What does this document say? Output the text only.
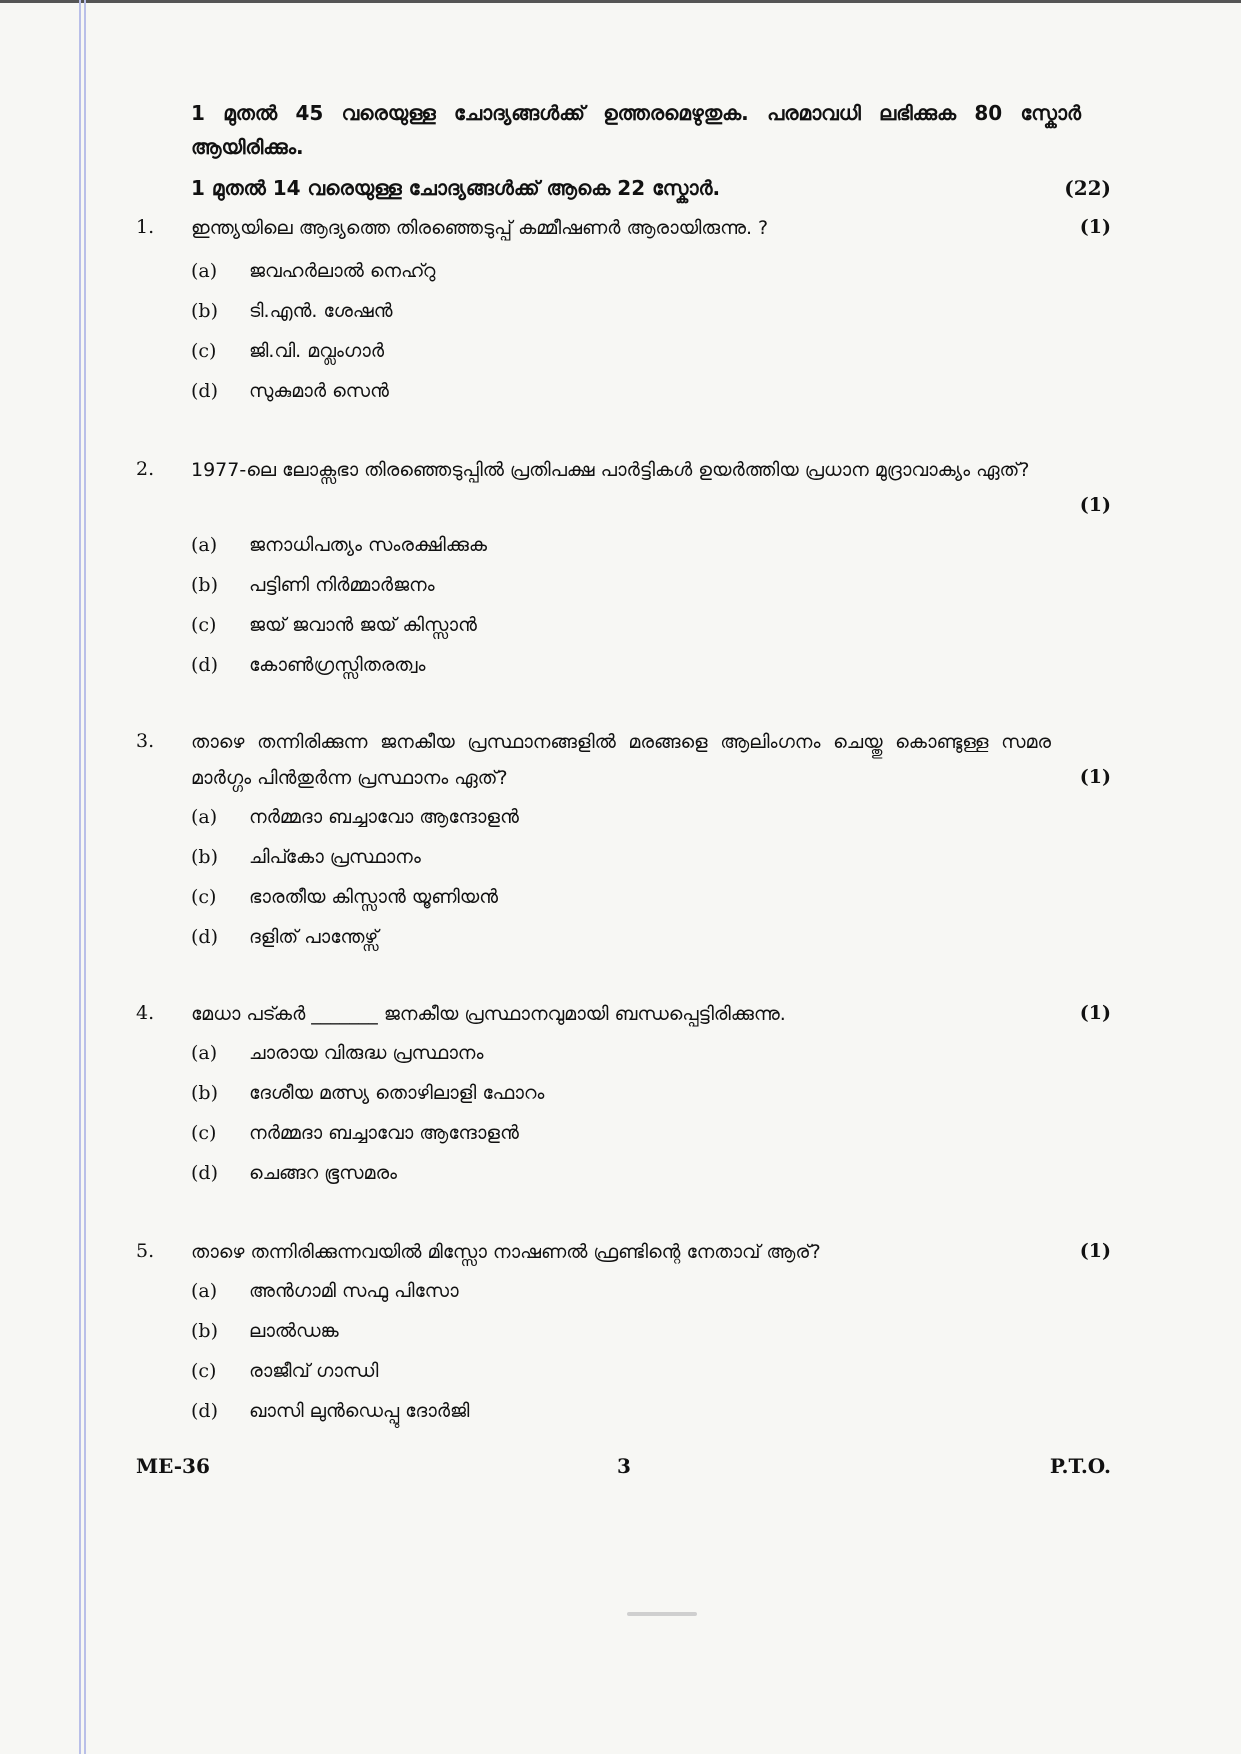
1 മുതൽ 45 വരെയുള്ള ചോദ്യങ്ങൾക്ക് ഉത്തരമെഴുതുക. പരമാവധി ലഭിക്കുക 80 സ്കോർ ആയിരിക്കും.
1 മുതൽ 14 വരെയുള്ള ചോദ്യങ്ങൾക്ക് ആകെ 22 സ്കോർ.	(22)
1. ഇന്ത്യയിലെ ആദ്യത്തെ തിരഞ്ഞെടുപ്പ് കമ്മീഷണർ ആരായിരുന്നു. ?	(1)
(a) ജവഹർലാൽ നെഹ്റു
(b) ടി.എൻ. ശേഷൻ
(c) ജി.വി. മവ്ലംഗാർ
(d) സുകുമാർ സെൻ
2. 1977-ലെ ലോക്സഭാ തിരഞ്ഞെടുപ്പിൽ പ്രതിപക്ഷ പാർട്ടികൾ ഉയർത്തിയ പ്രധാന മുദ്രാവാക്യം ഏത്?
(1)
(a) ജനാധിപത്യം സംരക്ഷിക്കുക
(b) പട്ടിണി നിർമ്മാർജനം
(c) ജയ് ജവാൻ ജയ് കിസ്സാൻ
(d) കോൺഗ്രസ്സിതരത്വം
3. താഴെ തന്നിരിക്കുന്ന ജനകീയ പ്രസ്ഥാനങ്ങളിൽ മരങ്ങളെ ആലിംഗനം ചെയ്തു കൊണ്ടുള്ള സമര മാർഗ്ഗം പിൻതുർന്ന പ്രസ്ഥാനം ഏത്?	(1)
(a) നർമ്മദാ ബച്ചാവോ ആന്ദോളൻ
(b) ചിപ്കോ പ്രസ്ഥാനം
(c) ഭാരതീയ കിസ്സാൻ യൂണിയൻ
(d) ദളിത് പാന്തേഴ്സ്
4. മേധാ പട്കർ _______ ജനകീയ പ്രസ്ഥാനവുമായി ബന്ധപ്പെട്ടിരിക്കുന്നു.	(1)
(a) ചാരായ വിരുദ്ധ പ്രസ്ഥാനം
(b) ദേശീയ മത്സ്യ തൊഴിലാളി ഫോറം
(c) നർമ്മദാ ബച്ചാവോ ആന്ദോളൻ
(d) ചെങ്ങറ ഭൂസമരം
5. താഴെ തന്നിരിക്കുന്നവയിൽ മിസ്സോ നാഷണൽ ഫ്രണ്ടിന്റെ നേതാവ് ആര്?	(1)
(a) അൻഗാമി സഫു പിസോ
(b) ലാൽഡങ്ക
(c) രാജീവ് ഗാന്ധി
(d) ഖാസി ലുൻഡെപ്പു ദോർജി
ME-36	3	P.T.O.
